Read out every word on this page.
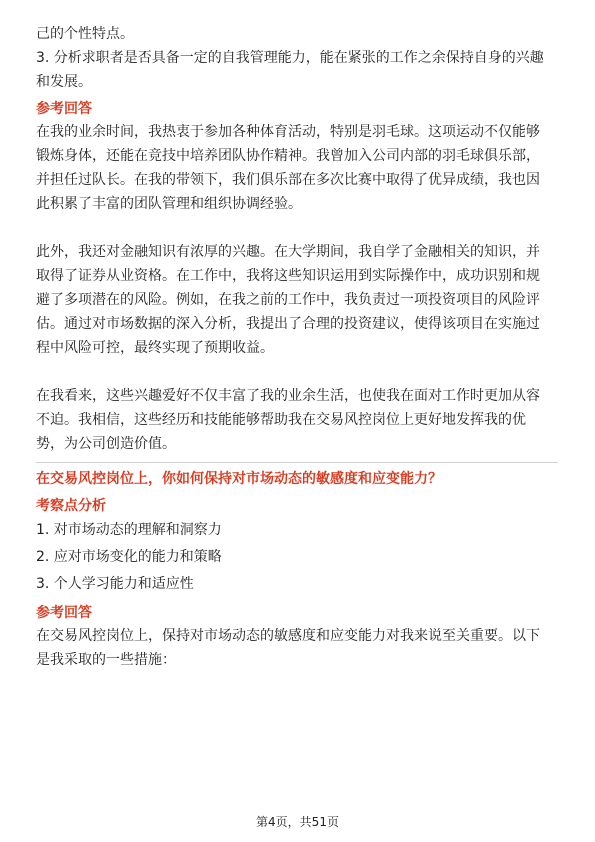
己的个性特点。

3. 分析求职者是否具备一定的自我管理能力，能在紧张的工作之余保持自身的兴趣

和发展。

参考回答

在我的业余时间，我热衷于参加各种体育活动，特别是羽毛球。这项运动不仅能够

锻炼身体，还能在竞技中培养团队协作精神。我曾加入公司内部的羽毛球俱乐部，

并担任过队长。在我的带领下，我们俱乐部在多次比赛中取得了优异成绩，我也因

此积累了丰富的团队管理和组织协调经验。

此外，我还对金融知识有浓厚的兴趣。在大学期间，我自学了金融相关的知识，并

取得了证券从业资格。在工作中，我将这些知识运用到实际操作中，成功识别和规

避了多项潜在的风险。例如，在我之前的工作中，我负责过一项投资项目的风险评

估。通过对市场数据的深入分析，我提出了合理的投资建议，使得该项目在实施过

程中风险可控，最终实现了预期收益。

在我看来，这些兴趣爱好不仅丰富了我的业余生活，也使我在面对工作时更加从容

不迫。我相信，这些经历和技能能够帮助我在交易风控岗位上更好地发挥我的优

势，为公司创造价值。

在交易风控岗位上，你如何保持对市场动态的敏感度和应变能力？

考察点分析

1. 对市场动态的理解和洞察力

2. 应对市场变化的能力和策略

3. 个人学习能力和适应性

参考回答

在交易风控岗位上，保持对市场动态的敏感度和应变能力对我来说至关重要。以下

是我采取的一些措施：

第4页，共51页
